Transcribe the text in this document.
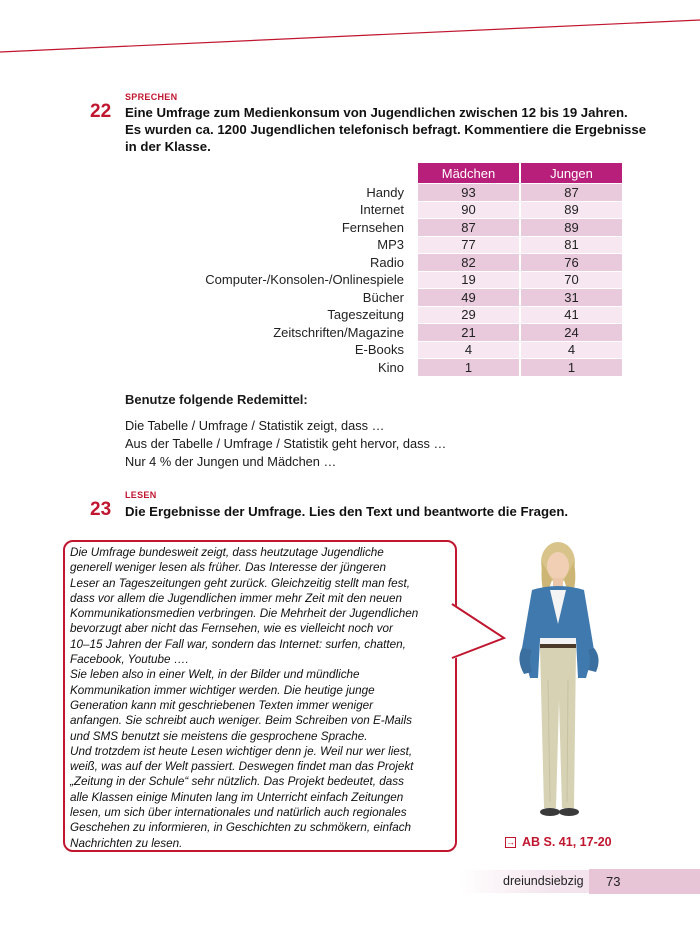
SPRECHEN
22 Eine Umfrage zum Medienkonsum von Jugendlichen zwischen 12 bis 19 Jahren.
Es wurden ca. 1200 Jugendlichen telefonisch befragt. Kommentiere die Ergebnisse
in der Klasse.
	Mädchen	Jungen
Handy	93	87
Internet	90	89
Fernsehen	87	89
MP3	77	81
Radio	82	76
Computer-/Konsolen-/Onlinespiele	19	70
Bücher	49	31
Tageszeitung	29	41
Zeitschriften/Magazine	21	24
E-Books	4	4
Kino	1	1
Benutze folgende Redemittel:
Die Tabelle / Umfrage / Statistik zeigt, dass …
Aus der Tabelle / Umfrage / Statistik geht hervor, dass …
Nur 4 % der Jungen und Mädchen …
LESEN
23 Die Ergebnisse der Umfrage. Lies den Text und beantworte die Fragen.
Die Umfrage bundesweit zeigt, dass heutzutage Jugendliche
generell weniger lesen als früher. Das Interesse der jüngeren
Leser an Tageszeitungen geht zurück. Gleichzeitig stellt man fest,
dass vor allem die Jugendlichen immer mehr Zeit mit den neuen
Kommunikationsmedien verbringen. Die Mehrheit der Jugendlichen
bevorzugt aber nicht das Fernsehen, wie es vielleicht noch vor
10–15 Jahren der Fall war, sondern das Internet: surfen, chatten,
Facebook, Youtube ….
Sie leben also in einer Welt, in der Bilder und mündliche
Kommunikation immer wichtiger werden. Die heutige junge
Generation kann mit geschriebenen Texten immer weniger
anfangen. Sie schreibt auch weniger. Beim Schreiben von E-Mails
und SMS benutzt sie meistens die gesprochene Sprache.
Und trotzdem ist heute Lesen wichtiger denn je. Weil nur wer liest,
weiß, was auf der Welt passiert. Deswegen findet man das Projekt
„Zeitung in der Schule“ sehr nützlich. Das Projekt bedeutet, dass
alle Klassen einige Minuten lang im Unterricht einfach Zeitungen
lesen, um sich über internationales und natürlich auch regionales
Geschehen zu informieren, in Geschichten zu schmökern, einfach
Nachrichten zu lesen.	→ AB S. 41, 17-20
dreiundsiebzig 73
